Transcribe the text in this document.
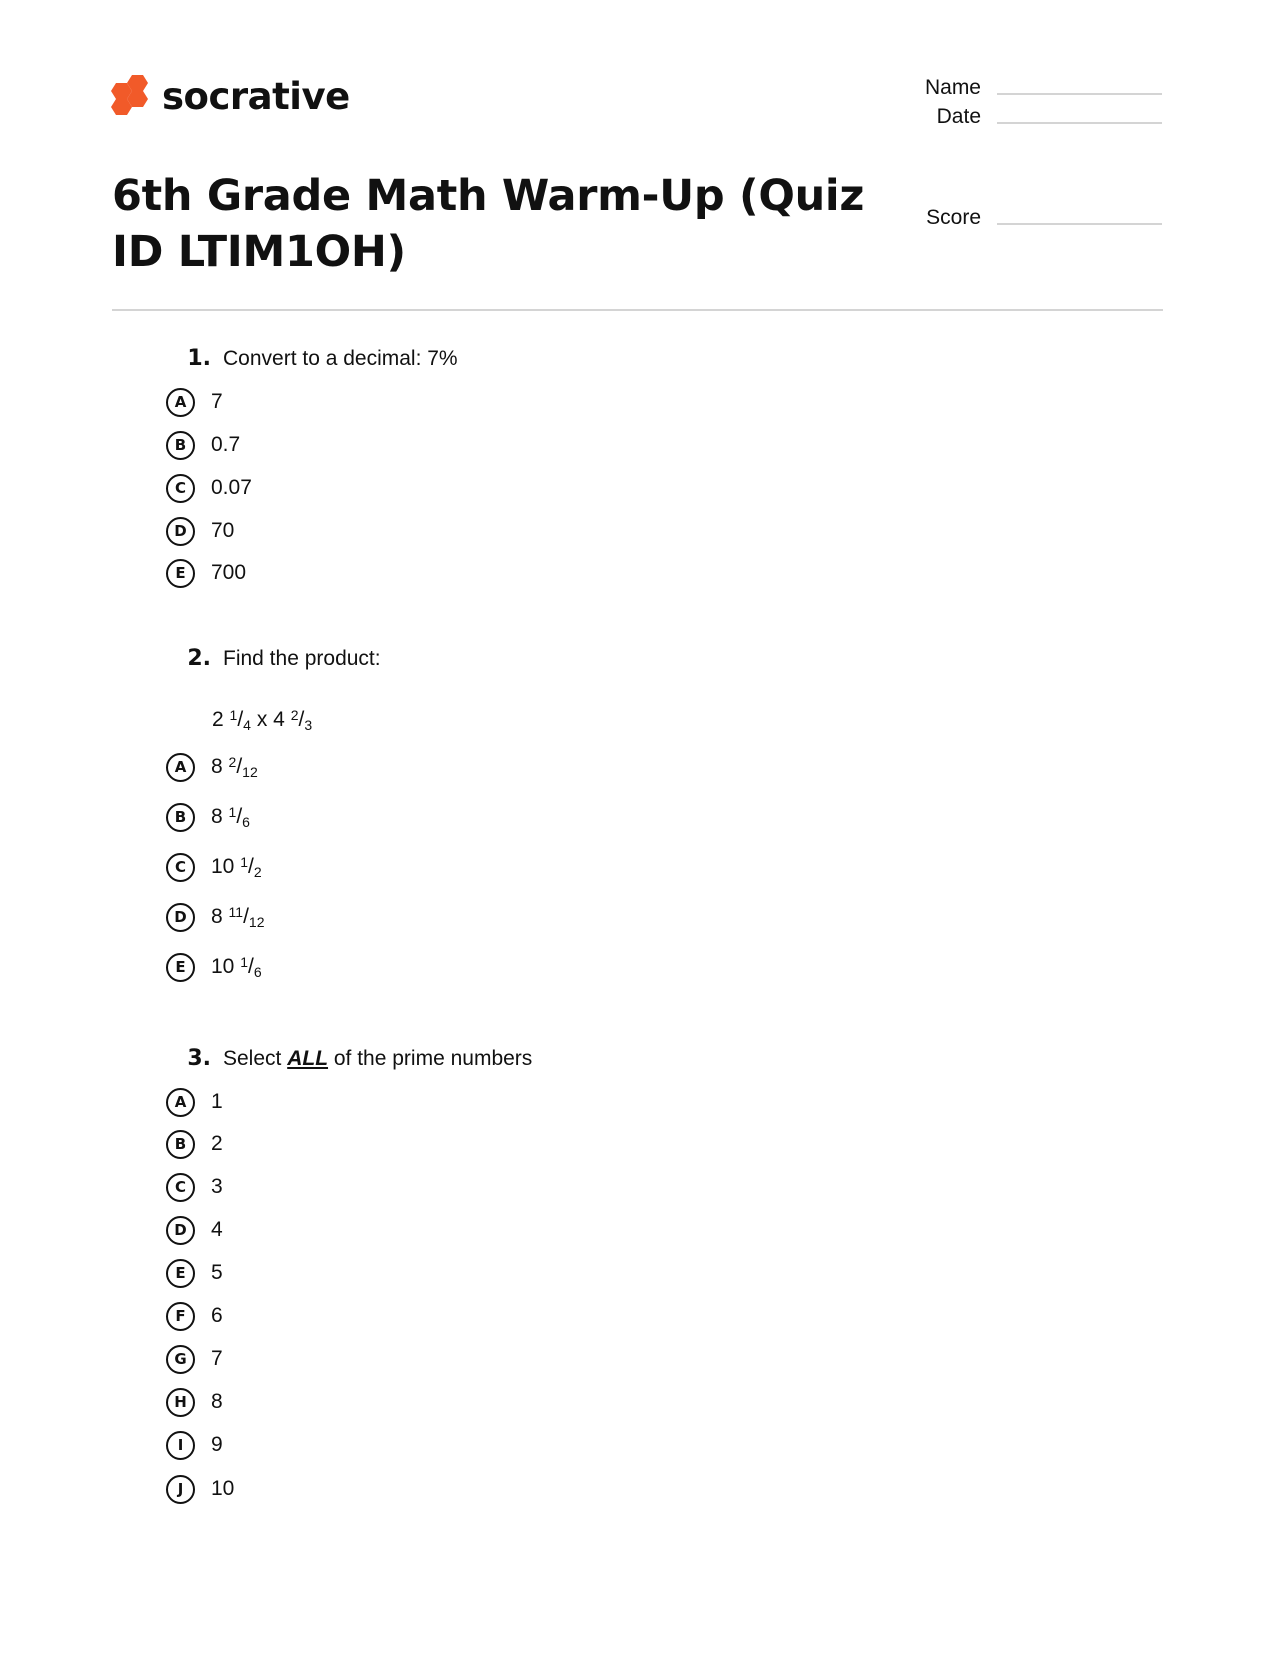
socrative	Name
Date
Score
6th Grade Math Warm-Up (Quiz ID LTIM1OH)
1. Convert to a decimal: 7%
A	7
B	0.7
C	0.07
D	70
E	700
2. Find the product:
2 $^1/_4$ x 4 $^2/_3$
A	8 $^2/_{12}$
B	8 $^1/_6$
C	10 $^1/_2$
D	8 $^{11}/_{12}$
E	10 $^1/_6$
3. Select ALL of the prime numbers
A	1
B	2
C	3
D	4
E	5
F	6
G	7
H	8
I	9
J	10
